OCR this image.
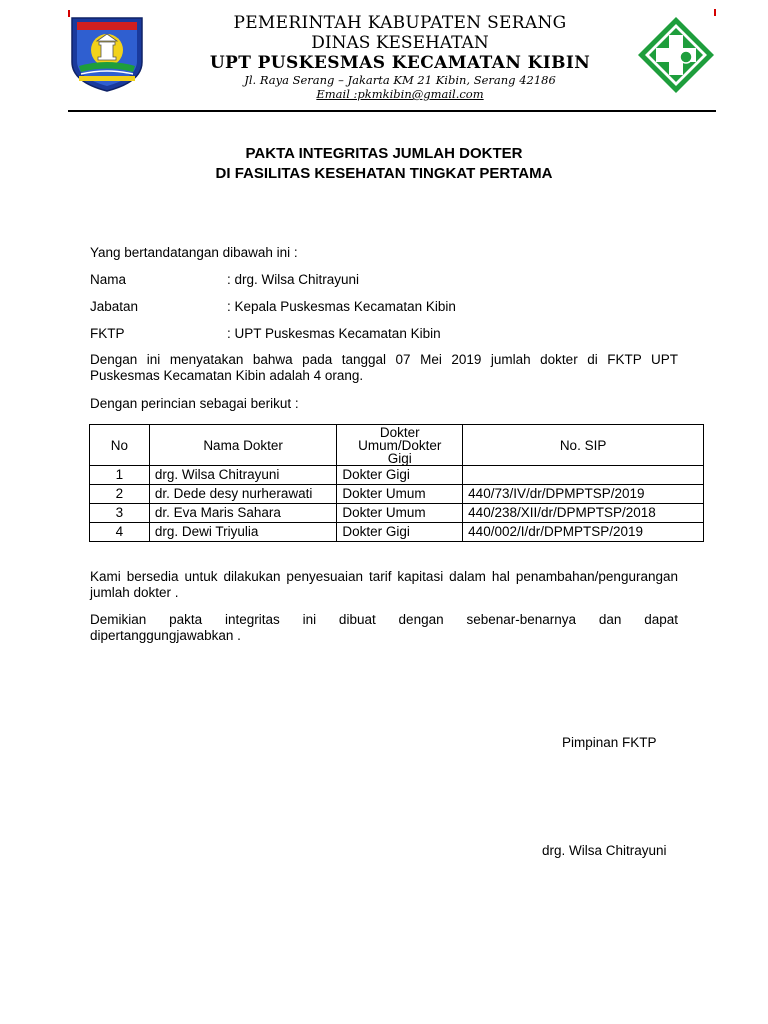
PEMERINTAH KABUPATEN SERANG
DINAS KESEHATAN
UPT PUSKESMAS KECAMATAN KIBIN
Jl. Raya Serang – Jakarta KM 21 Kibin, Serang 42186
Email :pkmkibin@gmail.com
PAKTA INTEGRITAS JUMLAH DOKTER
DI FASILITAS KESEHATAN TINGKAT PERTAMA
Yang bertandatangan dibawah ini :
Nama	: drg. Wilsa Chitrayuni
Jabatan	: Kepala Puskesmas Kecamatan Kibin
FKTP	: UPT Puskesmas Kecamatan Kibin
Dengan ini menyatakan bahwa pada tanggal 07 Mei 2019 jumlah dokter di FKTP UPT
Puskesmas Kecamatan Kibin adalah 4 orang.
Dengan perincian sebagai berikut :
No	Nama Dokter	Dokter
Umum/Dokter
Gigi	No. SIP
1	drg. Wilsa Chitrayuni	Dokter Gigi	
2	dr. Dede desy nurherawati	Dokter Umum	440/73/IV/dr/DPMPTSP/2019
3	dr. Eva Maris Sahara	Dokter Umum	440/238/XII/dr/DPMPTSP/2018
4	drg. Dewi Triyulia	Dokter Gigi	440/002/I/dr/DPMPTSP/2019
Kami bersedia untuk dilakukan penyesuaian tarif kapitasi dalam hal penambahan/pengurangan
jumlah dokter .
Demikian pakta integritas ini dibuat dengan sebenar-benarnya dan dapat
dipertanggungjawabkan .
Pimpinan FKTP
drg. Wilsa Chitrayuni
